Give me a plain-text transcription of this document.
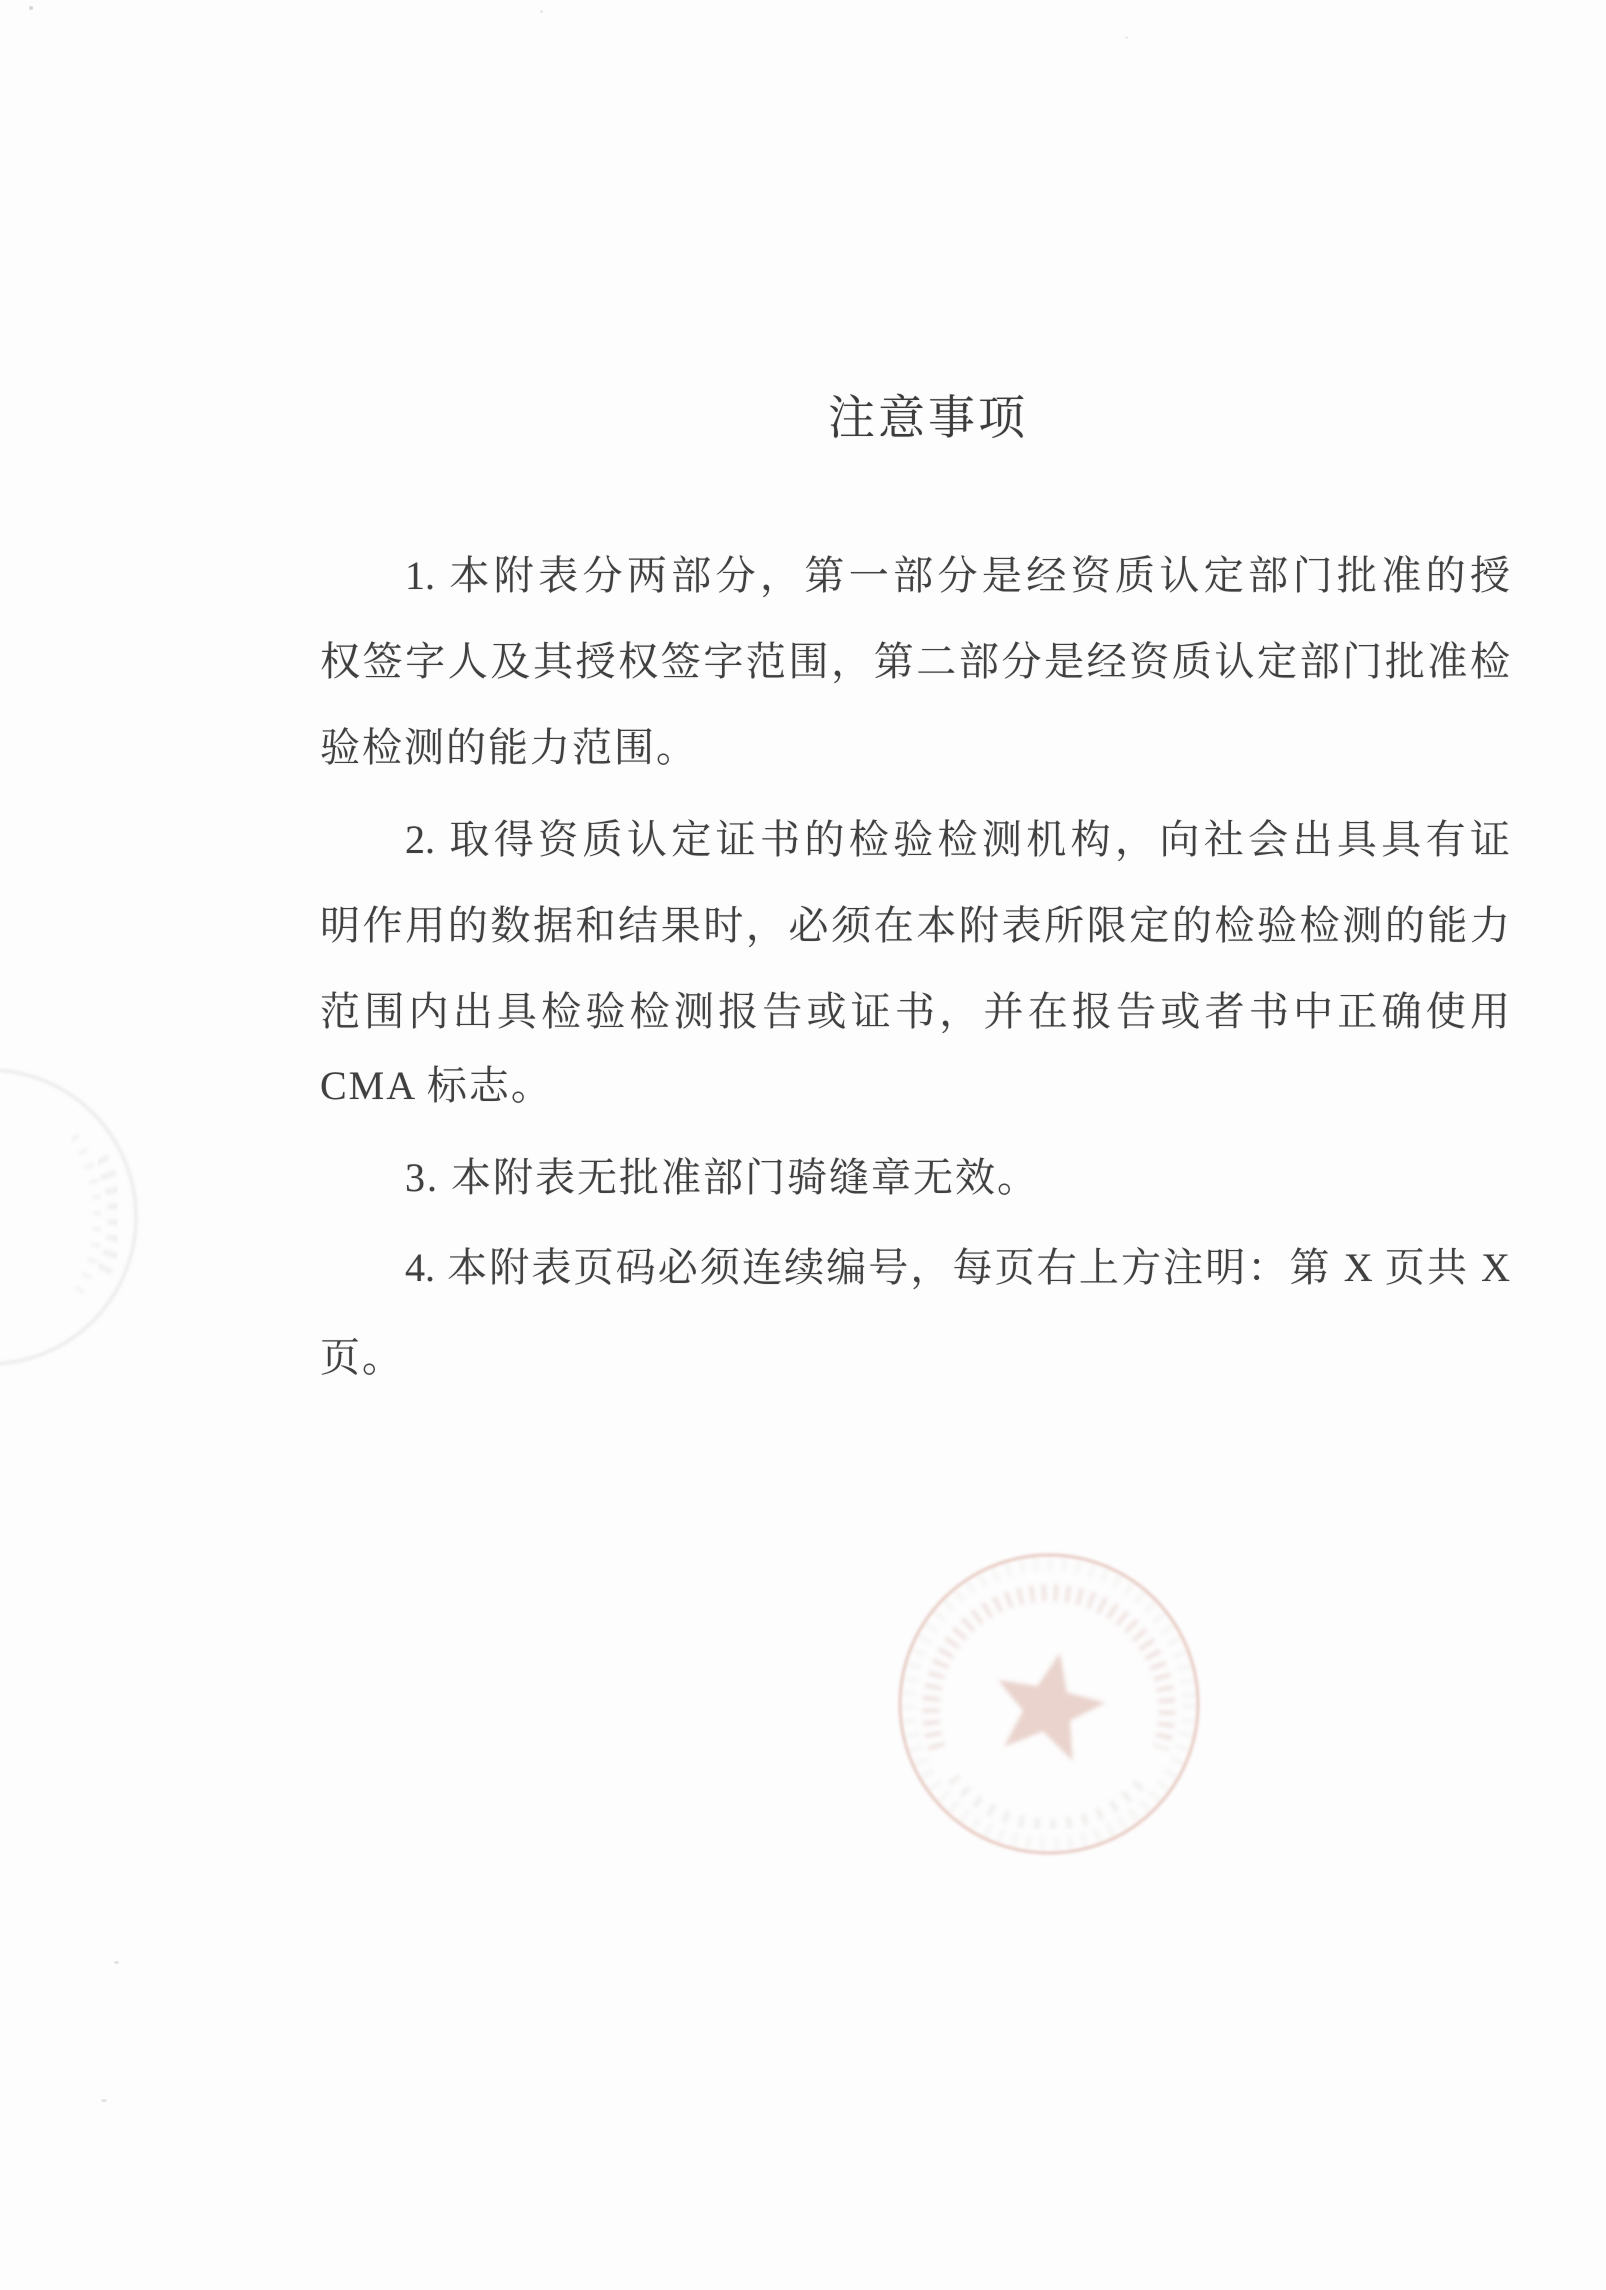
注意事项
1. 本附表分两部分，第一部分是经资质认定部门批准的授
权签字人及其授权签字范围，第二部分是经资质认定部门批准检
验检测的能力范围。
2. 取得资质认定证书的检验检测机构，向社会出具具有证
明作用的数据和结果时，必须在本附表所限定的检验检测的能力
范围内出具检验检测报告或证书，并在报告或者书中正确使用
CMA 标志。
3. 本附表无批准部门骑缝章无效。
4. 本附表页码必须连续编号，每页右上方注明：第 X 页共 X
页。
